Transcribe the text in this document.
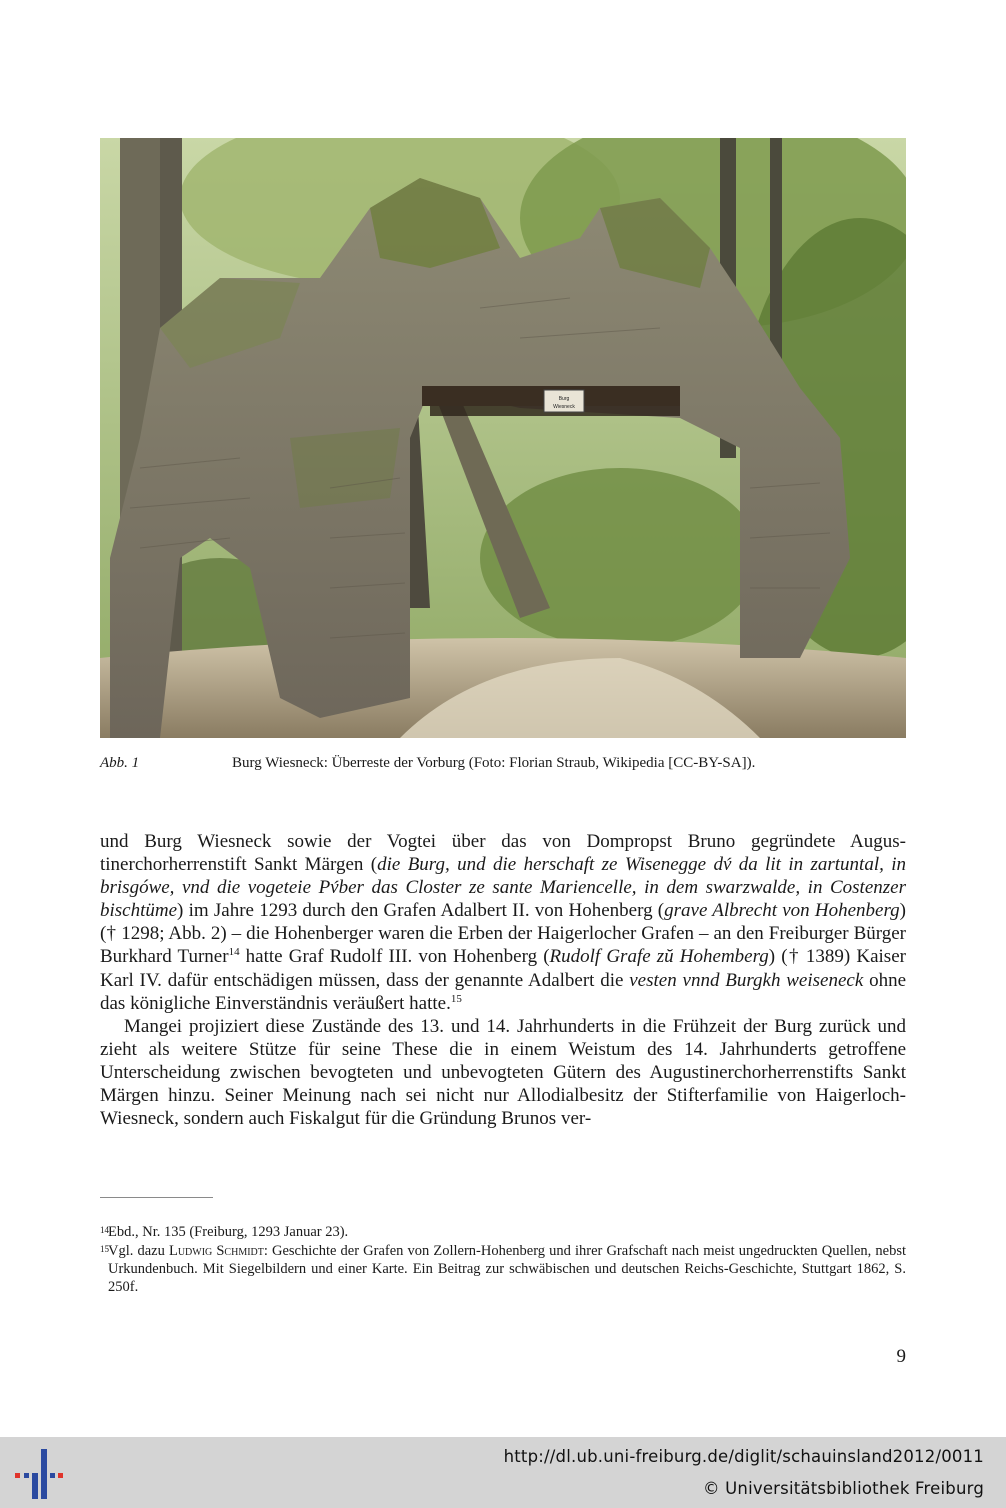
Burg
Wiesneck
Abb. 1	Burg Wiesneck: Überreste der Vorburg (Foto: Florian Straub, Wikipedia [CC-BY-SA]).

und Burg Wiesneck sowie der Vogtei über das von Dompropst Bruno gegründete Augustinerchorherrenstift Sankt Märgen (die Burg, und die herschaft ze Wisenegge dv́ da lit in zartuntal, in brisgówe, vnd die vogeteie Pv́ber das Closter ze sante Mariencelle, in dem swarzwalde, in Costenzer bischtüme) im Jahre 1293 durch den Grafen Adalbert II. von Hohenberg (grave Albrecht von Hohenberg) († 1298; Abb. 2) – die Hohenberger waren die Erben der Haigerlocher Grafen – an den Freiburger Bürger Burkhard Turner$^{14}$ hatte Graf Rudolf III. von Hohenberg (Rudolf Grafe zŭ Hohemberg) († 1389) Kaiser Karl IV. dafür entschädigen müssen, dass der genannte Adalbert die vesten vnnd Burgkh weiseneck ohne das königliche Einverständnis veräußert hatte.$^{15}$

Mangei projiziert diese Zustände des 13. und 14. Jahrhunderts in die Frühzeit der Burg zurück und zieht als weitere Stütze für seine These die in einem Weistum des 14. Jahrhunderts getroffene Unterscheidung zwischen bevogteten und unbevogteten Gütern des Augustinerchorherrenstifts Sankt Märgen hinzu. Seiner Meinung nach sei nicht nur Allodialbesitz der Stifterfamilie von Haigerloch-Wiesneck, sondern auch Fiskalgut für die Gründung Brunos ver-

14 Ebd., Nr. 135 (Freiburg, 1293 Januar 23).
15 Vgl. dazu Ludwig Schmidt: Geschichte der Grafen von Zollern-Hohenberg und ihrer Grafschaft nach meist ungedruckten Quellen, nebst Urkundenbuch. Mit Siegelbildern und einer Karte. Ein Beitrag zur schwäbischen und deutschen Reichs-Geschichte, Stuttgart 1862, S. 250f.
9
http://dl.ub.uni-freiburg.de/diglit/schauinsland2012/0011
© Universitätsbibliothek Freiburg
